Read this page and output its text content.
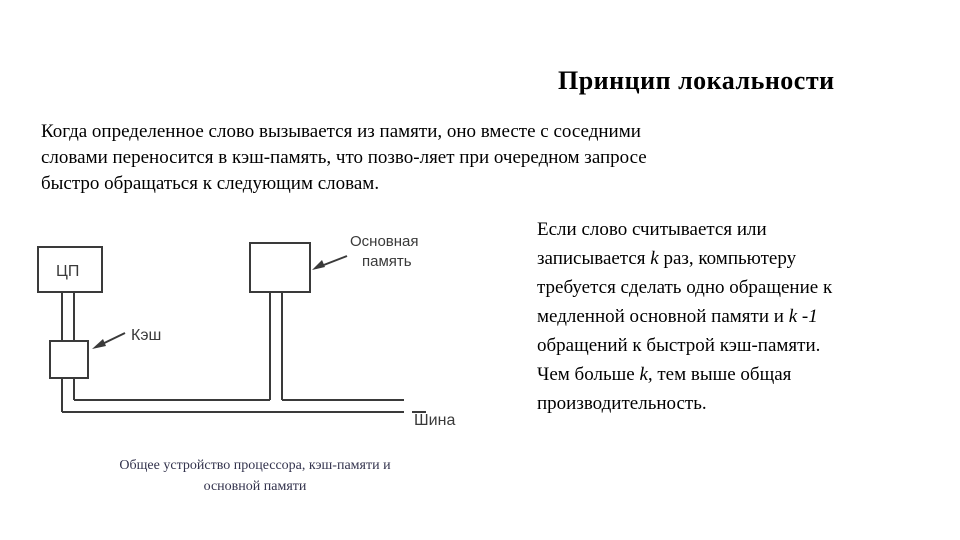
Принцип локальности
Когда определенное слово вызывается из памяти, оно вместе с соседними
словами переносится в кэш-память, что позво-ляет при очередном запросе
быстро обращаться к следующим словам.
ЦП
Кэш
Основная
память
Шина
Если слово считывается или
записывается k раз, компьютеру
требуется сделать одно обращение к
медленной основной памяти и k -1
обращений к быстрой кэш-памяти.
Чем больше k, тем выше общая
производительность.
Общее устройство процессора, кэш-памяти и
основной памяти
